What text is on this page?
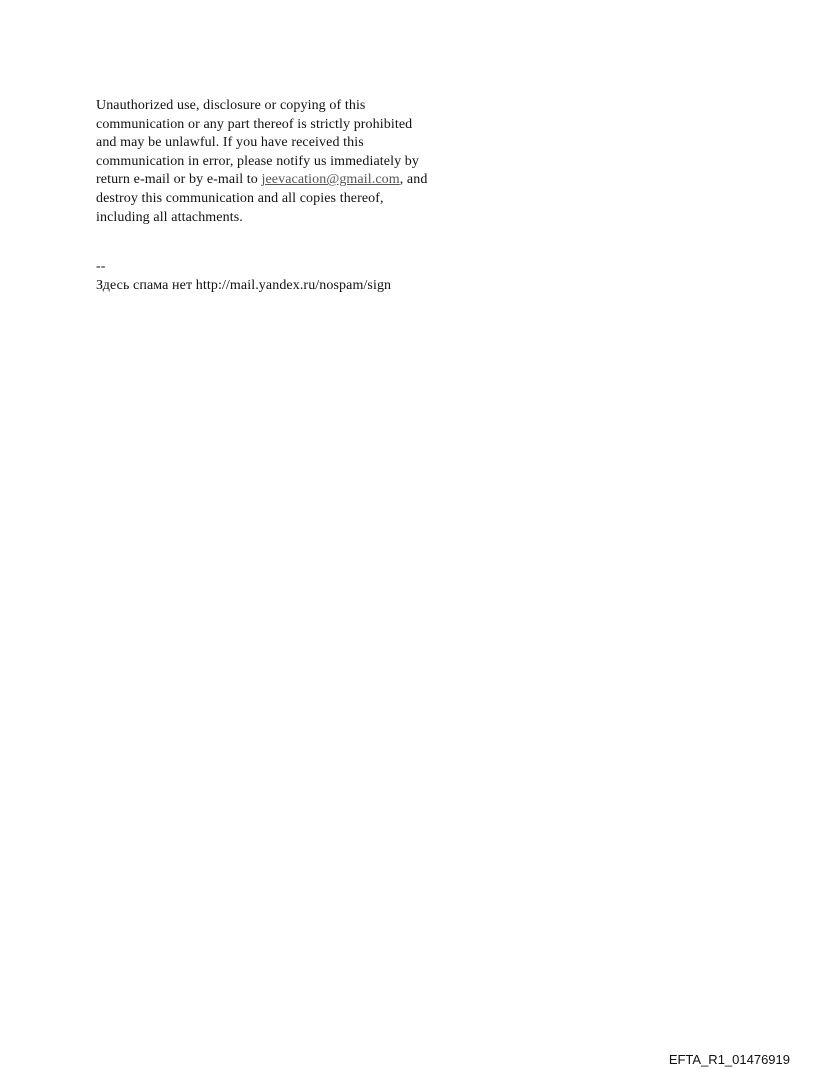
Unauthorized use, disclosure or copying of this
communication or any part thereof is strictly prohibited
and may be unlawful. If you have received this
communication in error, please notify us immediately by
return e-mail or by e-mail to jeevacation@gmail.com, and
destroy this communication and all copies thereof,
including all attachments.
--
Здесь спама нет http://mail.yandex.ru/nospam/sign
EFTA_R1_01476919
